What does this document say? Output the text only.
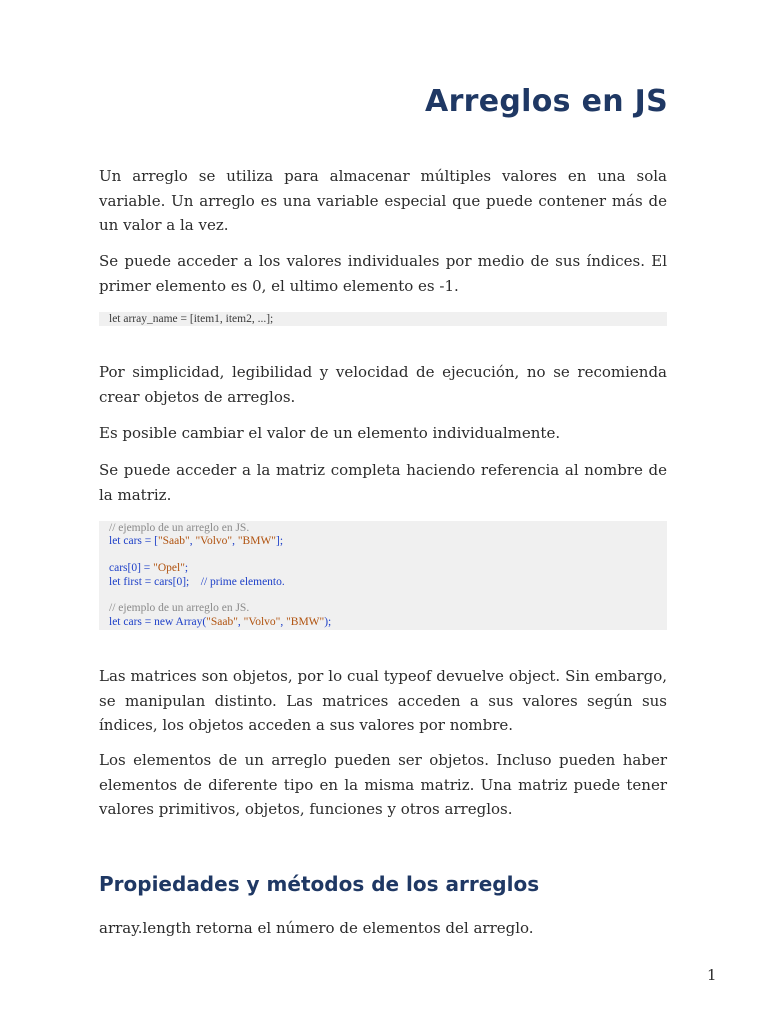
Arreglos en JS

Un arreglo se utiliza para almacenar múltiples valores en una sola variable. Un arreglo es una variable especial que puede contener más de un valor a la vez.

Se puede acceder a los valores individuales por medio de sus índices. El primer elemento es 0, el ultimo elemento es -1.

let array_name = [item1, item2, ...];

Por simplicidad, legibilidad y velocidad de ejecución, no se recomienda crear objetos de arreglos.

Es posible cambiar el valor de un elemento individualmente.

Se puede acceder a la matriz completa haciendo referencia al nombre de la matriz.

// ejemplo de un arreglo en JS.
let cars = ["Saab", "Volvo", "BMW"];
cars[0] = "Opel";
let first = cars[0];    // prime elemento.
// ejemplo de un arreglo en JS.
let cars = new Array("Saab", "Volvo", "BMW");

Las matrices son objetos, por lo cual typeof devuelve object. Sin embargo, se manipulan distinto. Las matrices acceden a sus valores según sus índices, los objetos acceden a sus valores por nombre.

Los elementos de un arreglo pueden ser objetos. Incluso pueden haber elementos de diferente tipo en la misma matriz. Una matriz puede tener valores primitivos, objetos, funciones y otros arreglos.

Propiedades y métodos de los arreglos

array.length retorna el número de elementos del arreglo.

1
